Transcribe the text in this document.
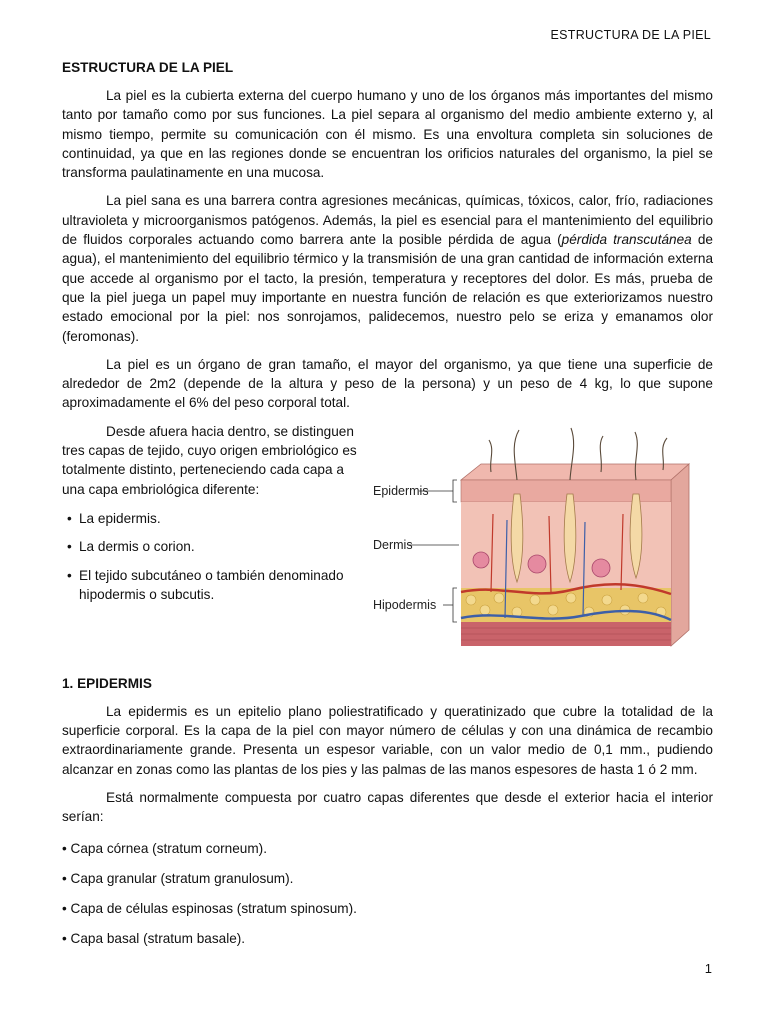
ESTRUCTURA DE LA PIEL
ESTRUCTURA DE LA PIEL

La piel es la cubierta externa del cuerpo humano y uno de los órganos más importantes del mismo tanto por tamaño como por sus funciones. La piel separa al organismo del medio ambiente externo y, al mismo tiempo, permite su comunicación con él mismo. Es una envoltura completa sin soluciones de continuidad, ya que en las regiones donde se encuentran los orificios naturales del organismo, la piel se transforma paulatinamente en una mucosa.

La piel sana es una barrera contra agresiones mecánicas, químicas, tóxicos, calor, frío, radiaciones ultravioleta y microorganismos patógenos. Además, la piel es esencial para el mantenimiento del equilibrio de fluidos corporales actuando como barrera ante la posible pérdida de agua (pérdida transcutánea de agua), el mantenimiento del equilibrio térmico y la transmisión de una gran cantidad de información externa que accede al organismo por el tacto, la presión, temperatura y receptores del dolor. Es más, prueba de que la piel juega un papel muy importante en nuestra función de relación es que exteriorizamos nuestro estado emocional por la piel: nos sonrojamos, palidecemos, nuestro pelo se eriza y emanamos olor (feromonas).

La piel es un órgano de gran tamaño, el mayor del organismo, ya que tiene una superficie de alrededor de 2m2 (depende de la altura y peso de la persona) y un peso de 4 kg, lo que supone aproximadamente el 6% del peso corporal total.

Desde afuera hacia dentro, se distinguen tres capas de tejido, cuyo origen embriológico es totalmente distinto, perteneciendo cada capa a una capa embriológica diferente:

• La epidermis.
• La dermis o corion.
• El tejido subcutáneo o también denominado hipodermis o subcutis.
Epidermis
Dermis
Hipodermis
1. EPIDERMIS

La epidermis es un epitelio plano poliestratificado y queratinizado que cubre la totalidad de la superficie corporal. Es la capa de la piel con mayor número de células y con una dinámica de recambio extraordinariamente grande. Presenta un espesor variable, con un valor medio de 0,1 mm., pudiendo alcanzar en zonas como las plantas de los pies y las palmas de las manos espesores de hasta 1 ó 2 mm.

Está normalmente compuesta por cuatro capas diferentes que desde el exterior hacia el interior serían:

• Capa córnea (stratum corneum).
• Capa granular (stratum granulosum).
• Capa de células espinosas (stratum spinosum).
• Capa basal (stratum basale).
1
